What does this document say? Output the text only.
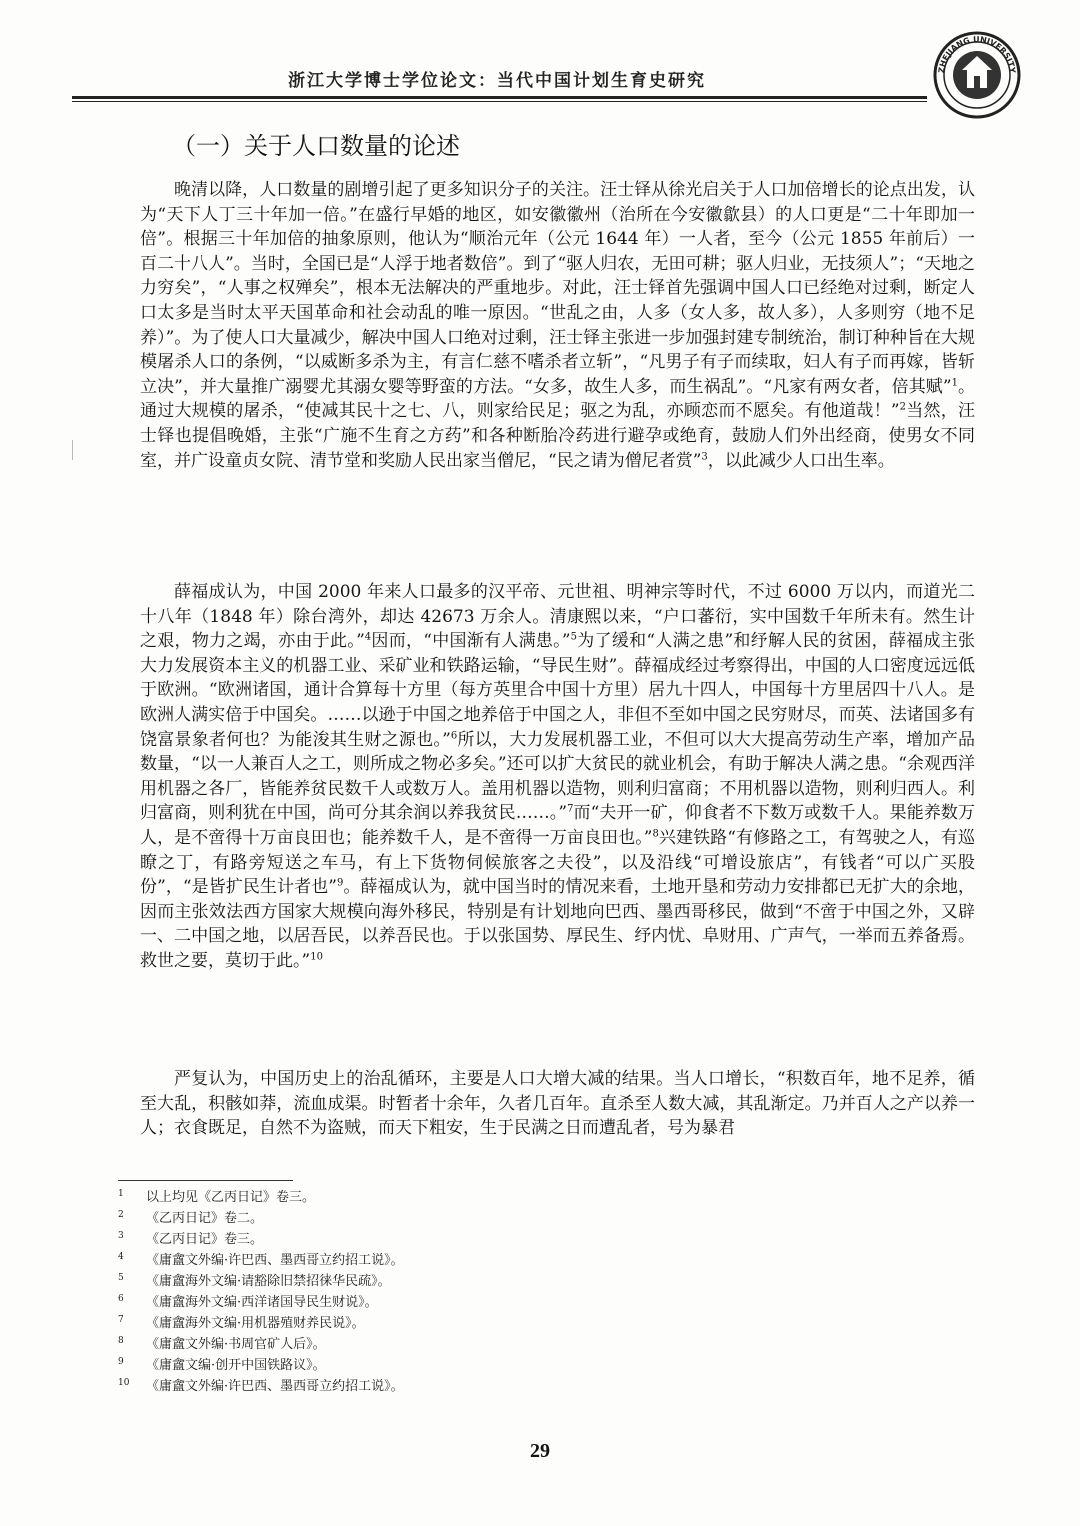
浙江大学博士学位论文：当代中国计划生育史研究
ZHEJIANG UNIVERSITY
（一）关于人口数量的论述

晚清以降，人口数量的剧增引起了更多知识分子的关注。汪士铎从徐光启关于人口加倍增长的论点出发，认为“天下人丁三十年加一倍。”在盛行早婚的地区，如安徽徽州（治所在今安徽歙县）的人口更是“二十年即加一倍”。根据三十年加倍的抽象原则，他认为“顺治元年（公元 1644 年）一人者，至今（公元 1855 年前后）一百二十八人”。当时，全国已是“人浮于地者数倍”。到了“驱人归农，无田可耕；驱人归业，无技须人”；“天地之力穷矣”，“人事之权殚矣”，根本无法解决的严重地步。对此，汪士铎首先强调中国人口已经绝对过剩，断定人口太多是当时太平天国革命和社会动乱的唯一原因。“世乱之由，人多（女人多，故人多），人多则穷（地不足养）”。为了使人口大量减少，解决中国人口绝对过剩，汪士铎主张进一步加强封建专制统治，制订种种旨在大规模屠杀人口的条例，“以威断多杀为主，有言仁慈不嗜杀者立斩”，“凡男子有子而续取，妇人有子而再嫁，皆斩立决”，并大量推广溺婴尤其溺女婴等野蛮的方法。“女多，故生人多，而生祸乱”。“凡家有两女者，倍其赋”$^1$。通过大规模的屠杀，“使减其民十之七、八，则家给民足；驱之为乱，亦顾恋而不愿矣。有他道哉！”$^2$当然，汪士铎也提倡晚婚，主张“广施不生育之方药”和各种断胎冷药进行避孕或绝育，鼓励人们外出经商，使男女不同室，并广设童贞女院、清节堂和奖励人民出家当僧尼，“民之请为僧尼者赏”$^3$，以此减少人口出生率。

薛福成认为，中国 2000 年来人口最多的汉平帝、元世祖、明神宗等时代，不过 6000 万以内，而道光二十八年（1848 年）除台湾外，却达 42673 万余人。清康熙以来，“户口蕃衍，实中国数千年所未有。然生计之艰，物力之竭，亦由于此。”$^4$因而，“中国渐有人满患。”$^5$为了缓和“人满之患”和纾解人民的贫困，薛福成主张大力发展资本主义的机器工业、采矿业和铁路运输，“导民生财”。薛福成经过考察得出，中国的人口密度远远低于欧洲。“欧洲诸国，通计合算每十方里（每方英里合中国十方里）居九十四人，中国每十方里居四十八人。是欧洲人满实倍于中国矣。……以逊于中国之地养倍于中国之人，非但不至如中国之民穷财尽，而英、法诸国多有饶富景象者何也？为能浚其生财之源也。”$^6$所以，大力发展机器工业，不但可以大大提高劳动生产率，增加产品数量，“以一人兼百人之工，则所成之物必多矣。”还可以扩大贫民的就业机会，有助于解决人满之患。“余观西洋用机器之各厂，皆能养贫民数千人或数万人。盖用机器以造物，则利归富商；不用机器以造物，则利归西人。利归富商，则利犹在中国，尚可分其余润以养我贫民……。”$^7$而“夫开一矿，仰食者不下数万或数千人。果能养数万人，是不啻得十万亩良田也；能养数千人，是不啻得一万亩良田也。”$^8$兴建铁路“有修路之工，有驾驶之人，有巡瞭之丁，有路旁短送之车马，有上下货物伺候旅客之夫役”，以及沿线“可增设旅店”，有钱者“可以广买股份”，“是皆扩民生计者也”$^9$。薛福成认为，就中国当时的情况来看，土地开垦和劳动力安排都已无扩大的余地，因而主张效法西方国家大规模向海外移民，特别是有计划地向巴西、墨西哥移民，做到“不啻于中国之外，又辟一、二中国之地，以居吾民，以养吾民也。于以张国势、厚民生、纾内忧、阜财用、广声气，一举而五养备焉。救世之要，莫切于此。”$^{10}$

严复认为，中国历史上的治乱循环，主要是人口大增大减的结果。当人口增长，“积数百年，地不足养，循至大乱，积骸如莽，流血成渠。时暂者十余年，久者几百年。直杀至人数大减，其乱渐定。乃并百人之产以养一人；衣食既足，自然不为盗贼，而天下粗安，生于民满之日而遭乱者，号为暴君

1 以上均见《乙丙日记》卷三。
2 《乙丙日记》卷二。
3 《乙丙日记》卷三。
4 《庸盦文外编·许巴西、墨西哥立约招工说》。
5 《庸盦海外文编·请豁除旧禁招徕华民疏》。
6 《庸盦海外文编·西洋诸国导民生财说》。
7 《庸盦海外文编·用机器殖财养民说》。
8 《庸盦文外编·书周官矿人后》。
9 《庸盦文编·创开中国铁路议》。
10 《庸盦文外编·许巴西、墨西哥立约招工说》。
29
